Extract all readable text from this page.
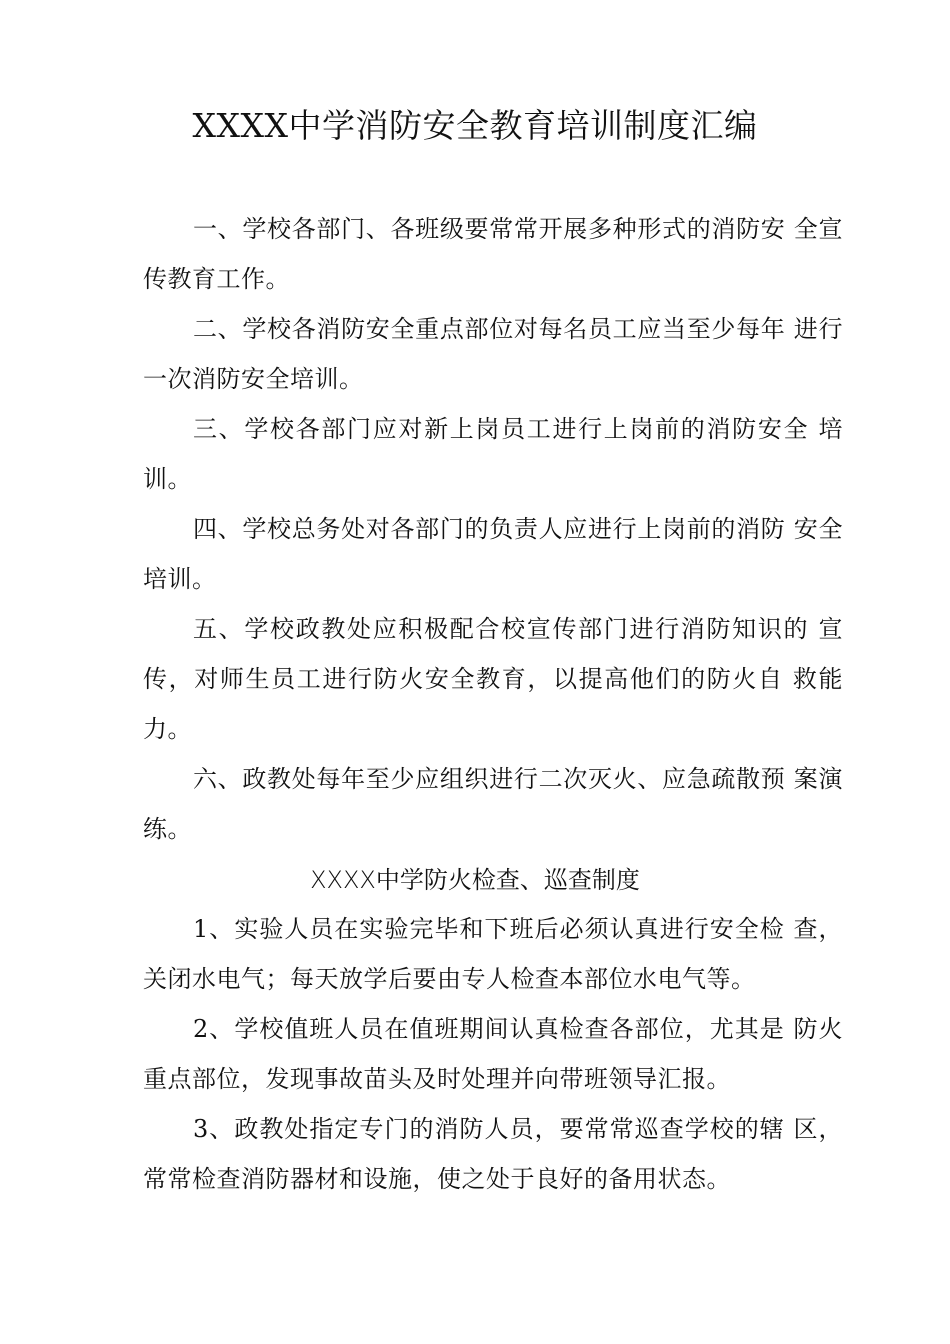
XXXX中学消防安全教育培训制度汇编
一、学校各部门、各班级要常常开展多种形式的消防安 全宣传教育工作。
二、学校各消防安全重点部位对每名员工应当至少每年 进行一次消防安全培训。
三、学校各部门应对新上岗员工进行上岗前的消防安全 培训。
四、学校总务处对各部门的负责人应进行上岗前的消防 安全培训。
五、学校政教处应积极配合校宣传部门进行消防知识的 宣传，对师生员工进行防火安全教育，以提高他们的防火自 救能力。
六、政教处每年至少应组织进行二次灭火、应急疏散预 案演练。
XXXX中学防火检查、巡查制度
1、实验人员在实验完毕和下班后必须认真进行安全检 查，关闭水电气；每天放学后要由专人检查本部位水电气等。
2、学校值班人员在值班期间认真检查各部位，尤其是 防火重点部位，发现事故苗头及时处理并向带班领导汇报。
3、政教处指定专门的消防人员，要常常巡查学校的辖 区，常常检查消防器材和设施，使之处于良好的备用状态。
